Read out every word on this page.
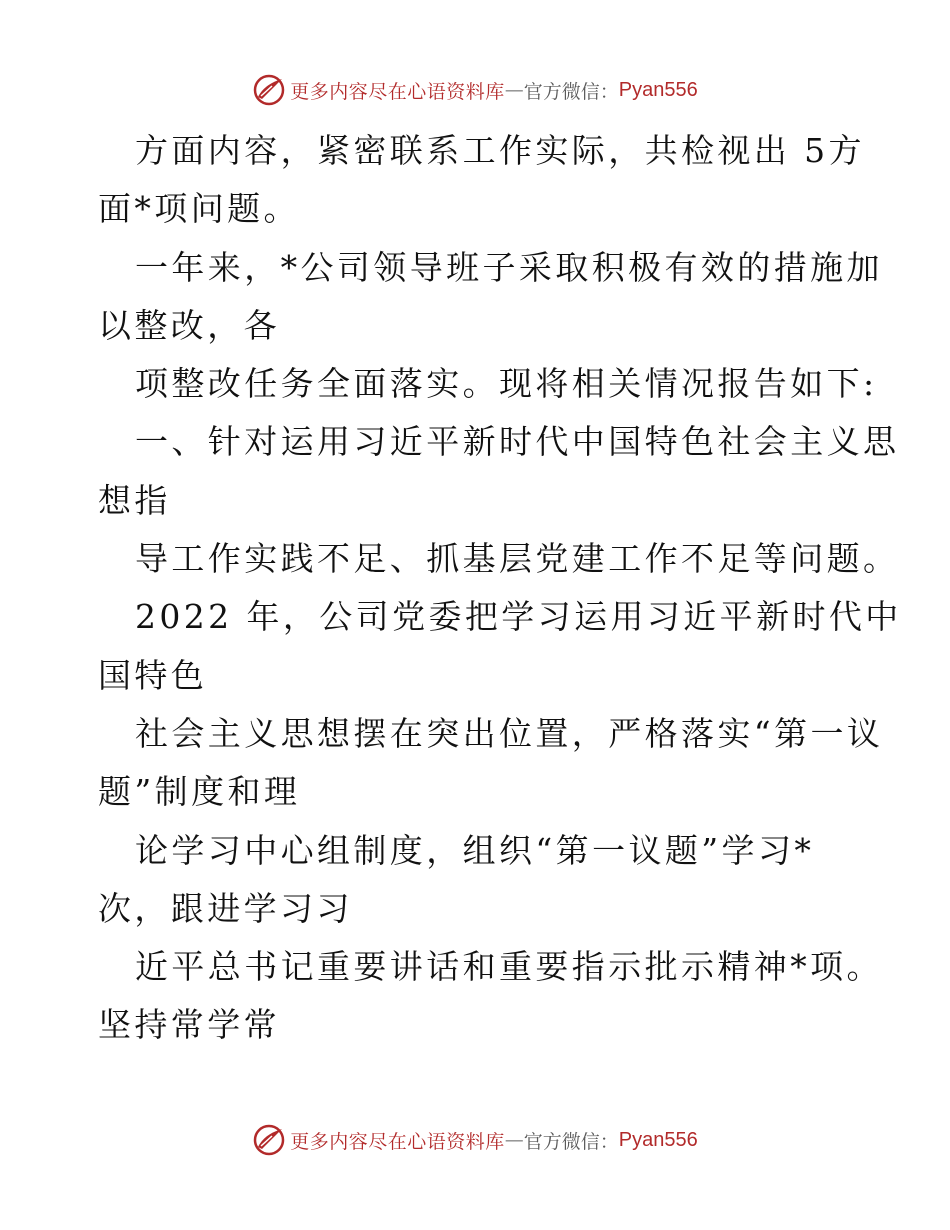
更多内容尽在心语资料库 — 官方微信： Pyan556
方面内容，紧密联系工作实际，共检视出 5方
面*项问题。
一年来，*公司领导班子采取积极有效的措施加
以整改，各
项整改任务全面落实。现将相关情况报告如下:
一、针对运用习近平新时代中国特色社会主义思
想指
导工作实践不足、抓基层党建工作不足等问题。
2022 年，公司党委把学习运用习近平新时代中
国特色
社会主义思想摆在突出位置，严格落实“第一议
题”制度和理
论学习中心组制度，组织“第一议题”学习*
次，跟进学习习
近平总书记重要讲话和重要指示批示精神*项。
坚持常学常
更多内容尽在心语资料库 — 官方微信： Pyan556
